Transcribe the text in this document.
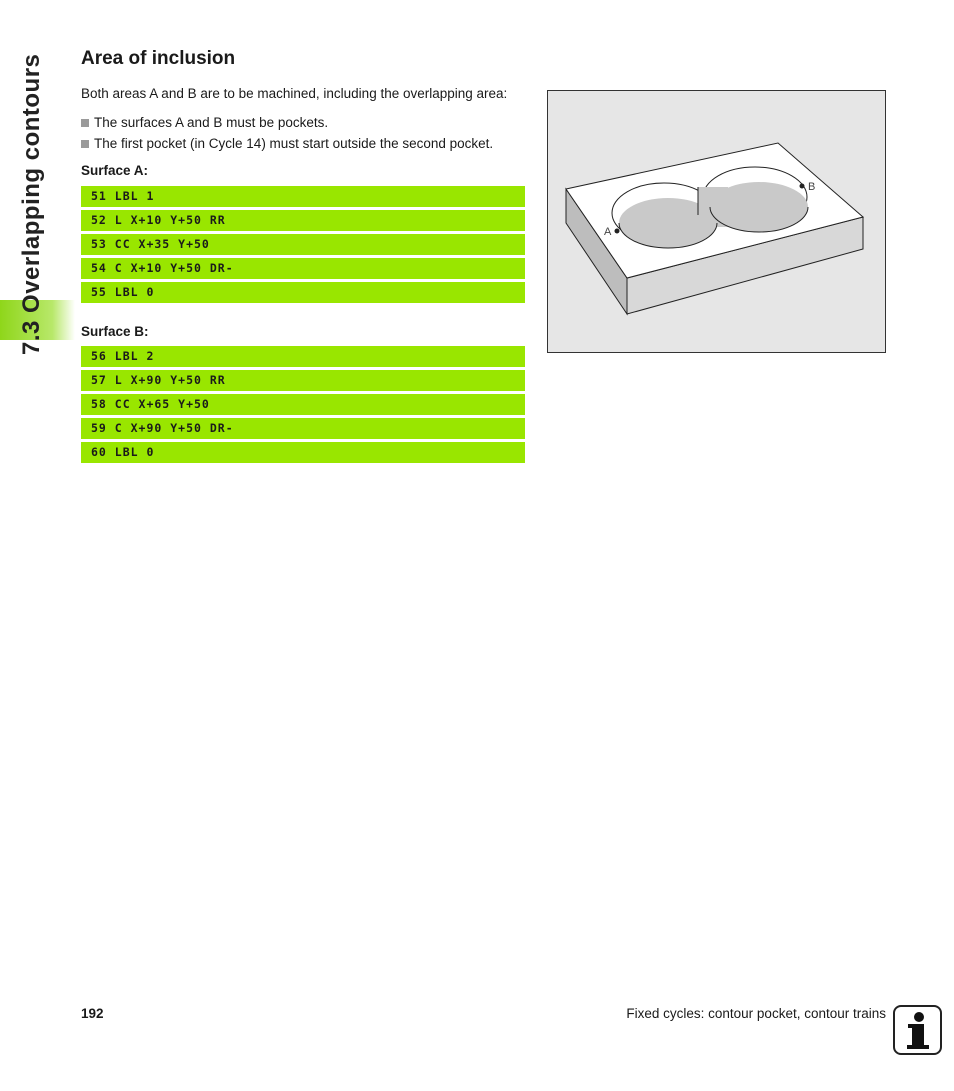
7.3 Overlapping contours Area of inclusion
Both areas A and B are to be machined, including the overlapping area:
The surfaces A and B must be pockets.
The first pocket (in Cycle 14) must start outside the second pocket.
Surface A:
51 LBL 1
52 L X+10 Y+50 RR
53 CC X+35 Y+50
54 C X+10 Y+50 DR-
55 LBL 0
Surface B:
56 LBL 2
57 L X+90 Y+50 RR
58 CC X+65 Y+50
59 C X+90 Y+50 DR-
60 LBL 0
A
B
192	Fixed cycles: contour pocket, contour trains
